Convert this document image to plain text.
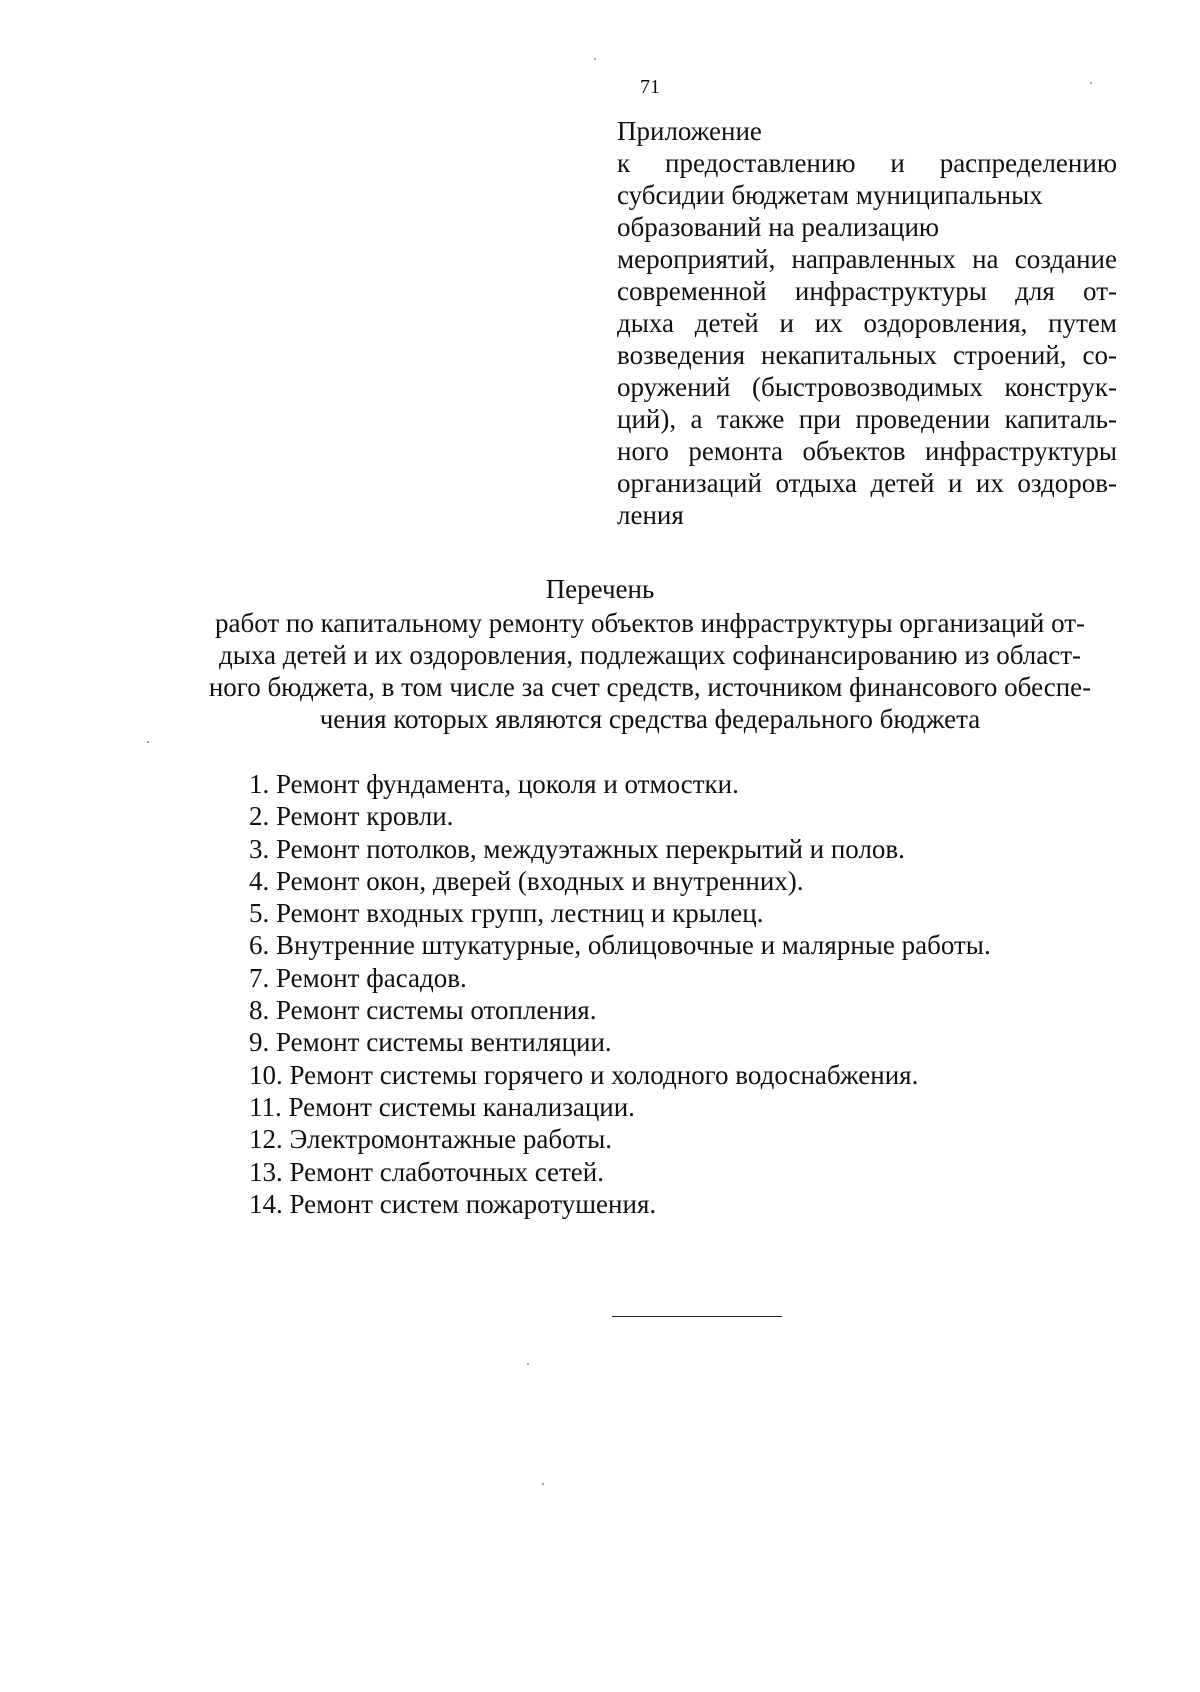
71
Приложение
к предоставлению и распределению
субсидии бюджетам муниципальных
образований на реализацию
мероприятий, направленных на создание
современной инфраструктуры для от-
дыха детей и их оздоровления, путем
возведения некапитальных строений, со-
оружений (быстровозводимых конструк-
ций), а также при проведении капиталь-
ного ремонта объектов инфраструктуры
организаций отдыха детей и их оздоров-
ления
Перечень
работ по капитальному ремонту объектов инфраструктуры организаций от-
дыха детей и их оздоровления, подлежащих софинансированию из област-
ного бюджета, в том числе за счет средств, источником финансового обеспе-
чения которых являются средства федерального бюджета
1. Ремонт фундамента, цоколя и отмостки.
2. Ремонт кровли.
3. Ремонт потолков, междуэтажных перекрытий и полов.
4. Ремонт окон, дверей (входных и внутренних).
5. Ремонт входных групп, лестниц и крылец.
6. Внутренние штукатурные, облицовочные и малярные работы.
7. Ремонт фасадов.
8. Ремонт системы отопления.
9. Ремонт системы вентиляции.
10. Ремонт системы горячего и холодного водоснабжения.
11. Ремонт системы канализации.
12. Электромонтажные работы.
13. Ремонт слаботочных сетей.
14. Ремонт систем пожаротушения.
